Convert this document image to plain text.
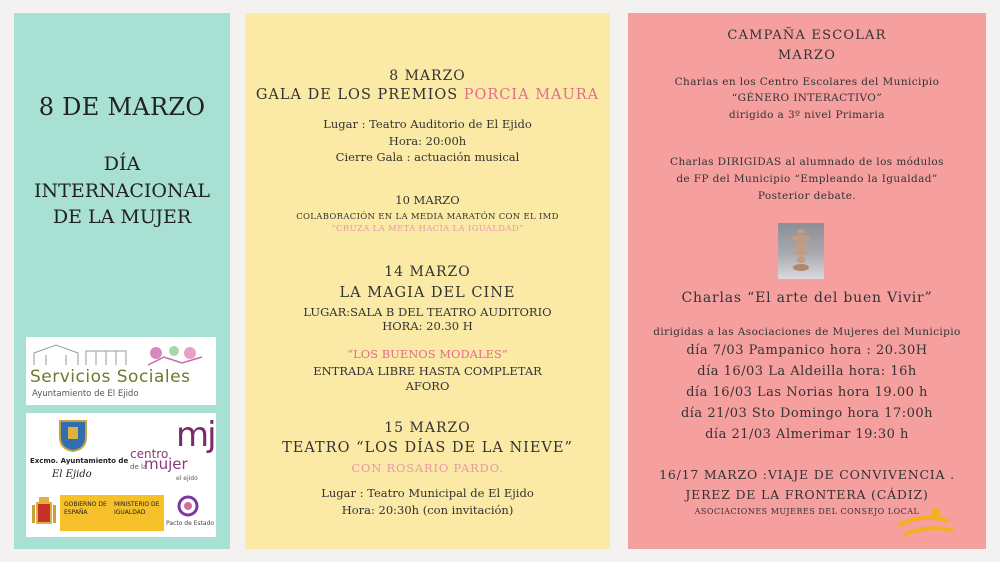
8 DE MARZO
DÍA
INTERNACIONAL
DE LA MUJER
Servicios Sociales
Ayuntamiento de El Ejido
Excmo. Ayuntamiento de
El Ejido
centro
de la
mujer
el ejido
mj
GOBIERNO DE ESPAÑA
MINISTERIO DE IGUALDAD
Pacto de Estado
8 MARZO
GALA DE LOS PREMIOS PORCIA MAURA
Lugar : Teatro Auditorio de El Ejido
Hora: 20:00h
Cierre Gala : actuación musical
10 MARZO
COLABORACIÓN EN LA MEDIA MARATÓN CON EL IMD
“CRUZA LA META HACIA LA IGUALDAD”
14 MARZO
LA MAGIA DEL CINE
LUGAR:SALA B DEL TEATRO AUDITORIO
HORA: 20.30 H
“LOS BUENOS MODALES”
ENTRADA LIBRE HASTA COMPLETAR
AFORO
15 MARZO
TEATRO “LOS DÍAS DE LA NIEVE”
CON ROSARIO PARDO.
Lugar : Teatro Municipal de El Ejido
Hora: 20:30h (con invitación)
CAMPAÑA ESCOLAR
MARZO
Charlas en los Centro Escolares del Municipio
“GÉNERO INTERACTIVO”
dirigido a 3º nivel Primaria
Charlas DIRIGIDAS al alumnado de los módulos
de FP del Municipio “Empleando la Igualdad”
Posterior debate.
Charlas “El arte del buen Vivir”
dirigidas a las Asociaciones de Mujeres del Municipio
día 7/03 Pampanico hora : 20.30H
día 16/03 La Aldeilla hora: 16h
día 16/03 Las Norias hora 19.00 h
día 21/03 Sto Domingo hora 17:00h
día 21/03 Almerimar 19:30 h
16/17 MARZO :VIAJE DE CONVIVENCIA .
JEREZ DE LA FRONTERA (CÁDIZ)
ASOCIACIONES MUJERES DEL CONSEJO LOCAL
